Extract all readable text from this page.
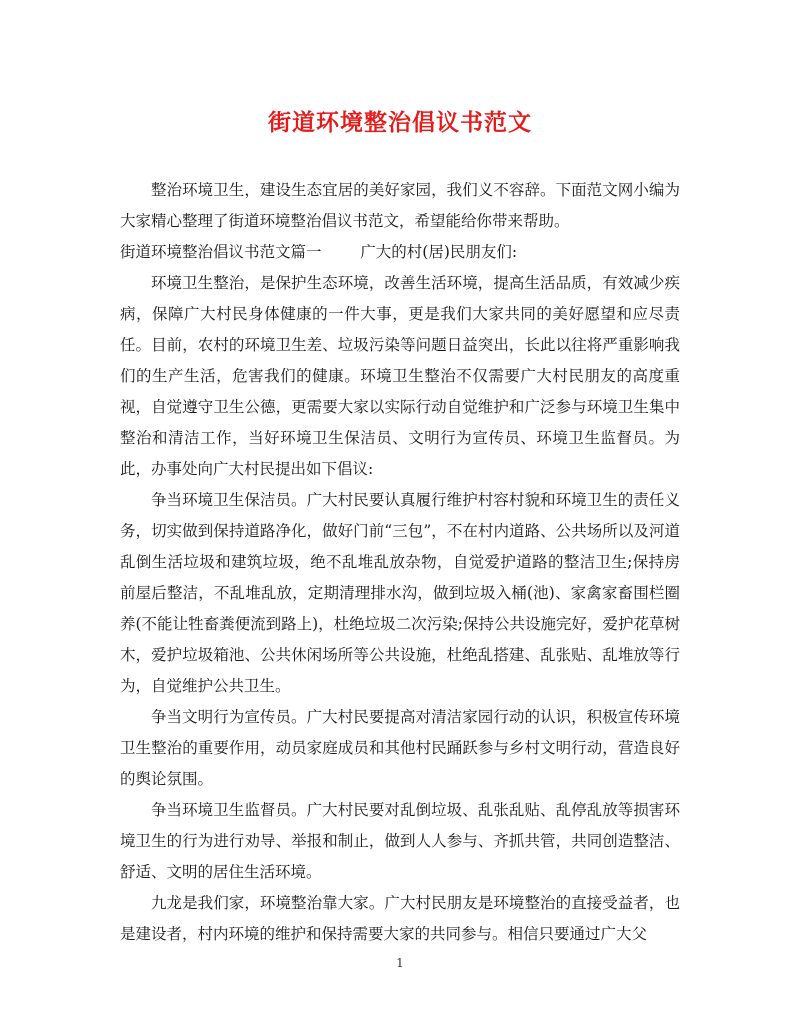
街道环境整治倡议书范文

整治环境卫生，建设生态宜居的美好家园，我们义不容辞。下面范文网小编为大家精心整理了街道环境整治倡议书范文，希望能给你带来帮助。

街道环境整治倡议书范文篇一	广大的村(居)民朋友们:

环境卫生整治，是保护生态环境，改善生活环境，提高生活品质，有效减少疾病，保障广大村民身体健康的一件大事，更是我们大家共同的美好愿望和应尽责任。目前，农村的环境卫生差、垃圾污染等问题日益突出，长此以往将严重影响我们的生产生活，危害我们的健康。环境卫生整治不仅需要广大村民朋友的高度重视，自觉遵守卫生公德，更需要大家以实际行动自觉维护和广泛参与环境卫生集中整治和清洁工作，当好环境卫生保洁员、文明行为宣传员、环境卫生监督员。为此，办事处向广大村民提出如下倡议:

争当环境卫生保洁员。广大村民要认真履行维护村容村貌和环境卫生的责任义务，切实做到保持道路净化，做好门前“三包”，不在村内道路、公共场所以及河道乱倒生活垃圾和建筑垃圾，绝不乱堆乱放杂物，自觉爱护道路的整洁卫生;保持房前屋后整洁，不乱堆乱放，定期清理排水沟，做到垃圾入桶(池)、家禽家畜围栏圈养(不能让牲畜粪便流到路上)，杜绝垃圾二次污染;保持公共设施完好，爱护花草树木，爱护垃圾箱池、公共休闲场所等公共设施，杜绝乱搭建、乱张贴、乱堆放等行为，自觉维护公共卫生。

争当文明行为宣传员。广大村民要提高对清洁家园行动的认识，积极宣传环境卫生整治的重要作用，动员家庭成员和其他村民踊跃参与乡村文明行动，营造良好的舆论氛围。

争当环境卫生监督员。广大村民要对乱倒垃圾、乱张乱贴、乱停乱放等损害环境卫生的行为进行劝导、举报和制止，做到人人参与、齐抓共管，共同创造整洁、舒适、文明的居住生活环境。

九龙是我们家，环境整治靠大家。广大村民朋友是环境整治的直接受益者，也是建设者，村内环境的维护和保持需要大家的共同参与。相信只要通过广大父

1
